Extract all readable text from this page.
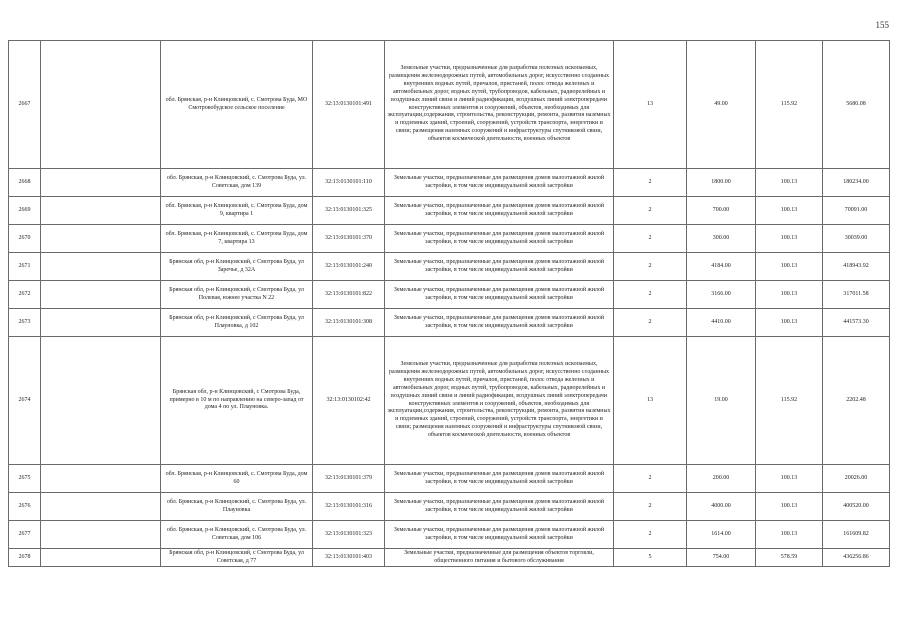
155
2667		обл. Брянская, р-н Клинцовский, с. Смотрова Буда, МО Смотровобудское сельское поселение	32:13:0130101:491	Земельные участки, предназначенные для разработки полезных ископаемых, размещения железнодорожных путей, автомобильных дорог, искусственно созданных внутренних водных путей, причалов, пристаней, полос отвода железных и автомобильных дорог, водных путей, трубопроводов, кабельных, радиорелейных и воздушных линий связи и линий радиофикации, воздушных линий электропередачи конструктивных элементов и сооружений, объектов, необходимых для эксплуатации,содержания, строительства, реконструкции, ремонта, развития наземных и подземных зданий, строений, сооружений, устройств транспорта, энергетики и связи; размещения наземных сооружений и инфраструктуры спутниковой связи, объектов космической деятельности, военных объектов	13	49.00	115.92	5680.08
2668		обл. Брянская, р-н Клинцовский, с. Смотрова Буда, ул. Советская, дом 139	32:13:0130101:110	Земельные участки, предназначенные для размещения домов малоэтажной жилой застройки, в том числе индивидуальной жилой застройки	2	1800.00	100.13	180234.00
2669		обл. Брянская, р-н Клинцовский, с. Смотрова Буда, дом 9, квартира 1	32:13:0130101:325	Земельные участки, предназначенные для размещения домов малоэтажной жилой застройки, в том числе индивидуальной жилой застройки	2	700.00	100.13	70091.00
2670		обл. Брянская, р-н Клинцовский, с. Смотрова Буда, дом 7, квартира 13	32:13:0130101:370	Земельные участки, предназначенные для размещения домов малоэтажной жилой застройки, в том числе индивидуальной жилой застройки	2	300.00	100.13	30039.00
2671		Брянская обл, р-н Клинцовский, с Смотрова Буда, ул Заречье, д 32А	32:13:0130101:240	Земельные участки, предназначенные для размещения домов малоэтажной жилой застройки, в том числе индивидуальной жилой застройки	2	4184.00	100.13	418943.92
2672		Брянская обл, р-н Клинцовский, с Смотрова Буда, ул Полевая, южнее участка N 22	32:13:0130101:822	Земельные участки, предназначенные для размещения домов малоэтажной жилой застройки, в том числе индивидуальной жилой застройки	2	3166.00	100.13	317011.58
2673		Брянская обл, р-н Клинцовский, с Смотрова Буда, ул Плауновка, д 102	32:13:0130101:308	Земельные участки, предназначенные для размещения домов малоэтажной жилой застройки, в том числе индивидуальной жилой застройки	2	4410.00	100.13	441573.30
2674		Брянская обл, р-н Клинцовский, с Смотрова Буда, примерно в 10 м по направлению на северо-запад от дома 4 по ул. Плаунов​ка.	32:13:0130102:42	Земельные участки, предназначенные для разработки полезных ископаемых, размещения железнодорожных путей, автомобильных дорог, искусственно созданных внутренних водных путей, причалов, пристаней, полос отвода железных и автомобильных дорог, водных путей, трубопроводов, кабельных, радиорелейных и воздушных линий связи и линий радиофикации, воздушных линий электропередачи конструктивных элементов и сооружений, объектов, необходимых для эксплуатации,содержания, строительства, реконструкции, ремонта, развития наземных и подземных зданий, строений, сооружений, устройств транспорта, энергетики и связи; размещения наземных сооружений и инфраструктуры спутниковой связи, объектов космической деятельности, военных объектов	13	19.00	115.92	2202.48
2675		обл. Брянская, р-н Клинцовский, с. Смотрова Буда, дом 60	32:13:0130101:379	Земельные участки, предназначенные для размещения домов малоэтажной жилой застройки, в том числе индивидуальной жилой застройки	2	200.00	100.13	20026.00
2676		обл. Брянская, р-н Клинцовский, с. Смотрова Буда, ул. Плаунов​ка	32:13:0130101:316	Земельные участки, предназначенные для размещения домов малоэтажной жилой застройки, в том числе индивидуальной жилой застройки	2	4000.00	100.13	400520.00
2677		обл. Брянская, р-н Клинцовский, с. Смотрова Буда, ул. Советская, дом 106	32:13:0130101:323	Земельные участки, предназначенные для размещения домов малоэтажной жилой застройки, в том числе индивидуальной жилой застройки	2	1614.00	100.13	161609.82
2678		Брянская обл, р-н Клинцовский, с Смотрова Буда, ул Советская, д 77	32:13:0130101:403	Земельные участки, предназначенные для размещения объектов торговли, общественного питания и бытового обслуживания	5	754.00	578.59	436256.86
